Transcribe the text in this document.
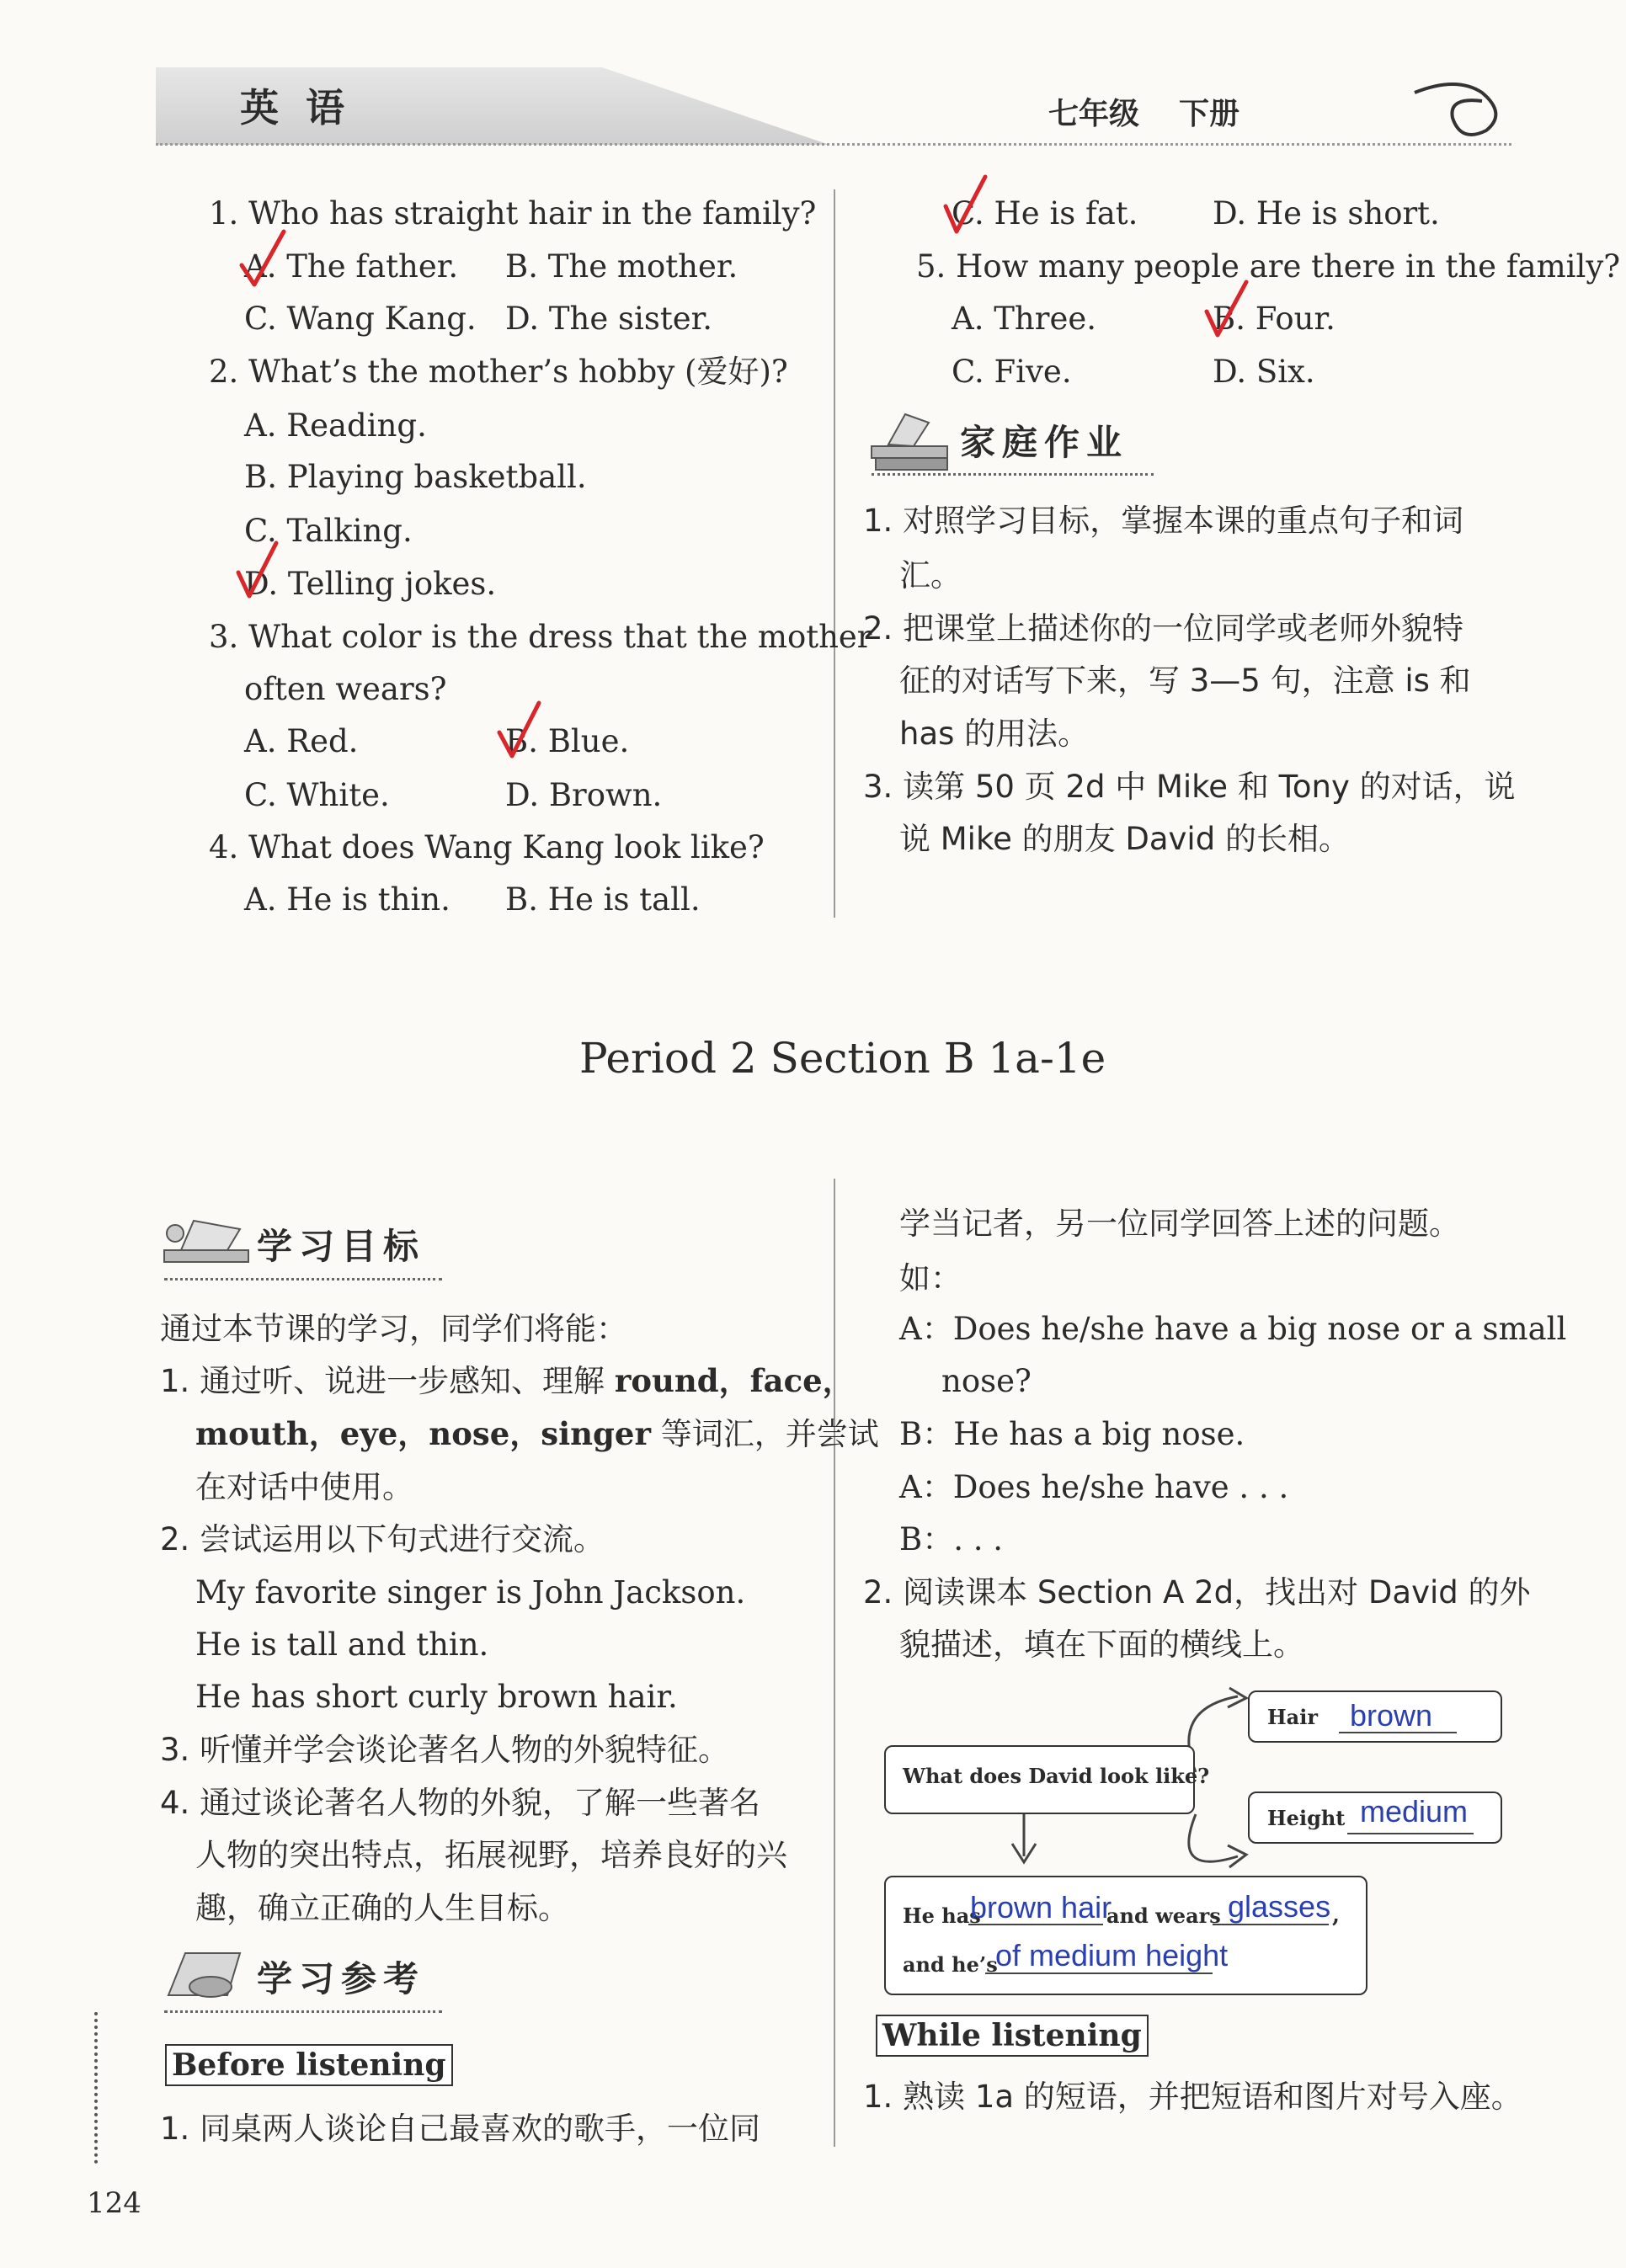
英  语	七年级 下册
1. Who has straight hair in the family?
A. The father. B. The mother.
C. Wang Kang. D. The sister.
2. What’s the mother’s hobby (爱好)?
A. Reading.
B. Playing basketball.
C. Talking.
D. Telling jokes.
3. What color is the dress that the mother
often wears?
A. Red.	B. Blue.
C. White.	D. Brown.
4. What does Wang Kang look like?
A. He is thin. B. He is tall.
C. He is fat. D. He is short.
5. How many people are there in the family?
A. Three.	B. Four.
C. Five.	D. Six.
家庭作业
1. 对照学习目标，掌握本课的重点句子和词
汇。
2. 把课堂上描述你的一位同学或老师外貌特
征的对话写下来，写 3—5 句，注意 is 和
has 的用法。
3. 读第 50 页 2d 中 Mike 和 Tony 的对话，说
说 Mike 的朋友 David 的长相。
Period 2 Section B 1a-1e
学习目标
通过本节课的学习，同学们将能：
1. 通过听、说进一步感知、理解 round，face，
mouth，eye，nose，singer 等词汇，并尝试
在对话中使用。
2. 尝试运用以下句式进行交流。
My favorite singer is John Jackson.
He is tall and thin.
He has short curly brown hair.
3. 听懂并学会谈论著名人物的外貌特征。
4. 通过谈论著名人物的外貌，了解一些著名
人物的突出特点，拓展视野，培养良好的兴
趣，确立正确的人生目标。
学习参考
Before listening
1. 同桌两人谈论自己最喜欢的歌手，一位同
学当记者，另一位同学回答上述的问题。
如：
A：Does he/she have a big nose or a small
nose?
B：He has a big nose.
A：Does he/she have . . .
B：. . .
2. 阅读课本 Section A 2d，找出对 David 的外
貌描述，填在下面的横线上。
What does David look like?
Hair brown
Height medium
He has
brown hair
and wears glasses ,
and he’s
of medium height
While listening
1. 熟读 1a 的短语，并把短语和图片对号入座。
124
